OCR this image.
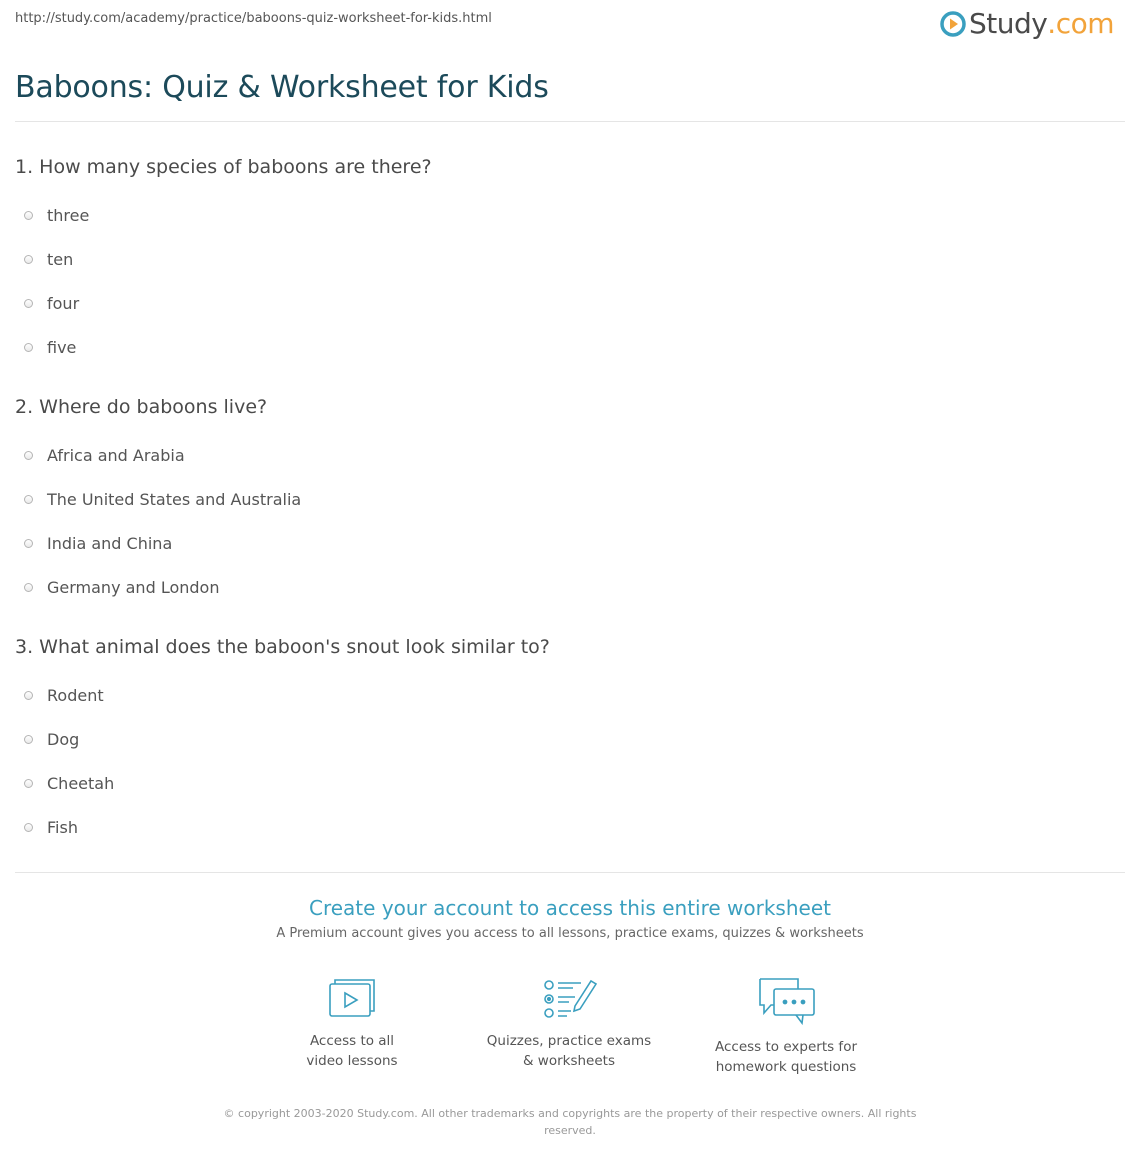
http://study.com/academy/practice/baboons-quiz-worksheet-for-kids.html	Study .com
Baboons: Quiz & Worksheet for Kids
1. How many species of baboons are there?
three
ten
four
five
2. Where do baboons live?
Africa and Arabia
The United States and Australia
India and China
Germany and London
3. What animal does the baboon's snout look similar to?
Rodent
Dog
Cheetah
Fish
Create your account to access this entire worksheet
A Premium account gives you access to all lessons, practice exams, quizzes & worksheets
Access to all
video lessons
Quizzes, practice exams
& worksheets
Access to experts for
homework questions
© copyright 2003-2020 Study.com. All other trademarks and copyrights are the property of their respective owners. All rights reserved.
